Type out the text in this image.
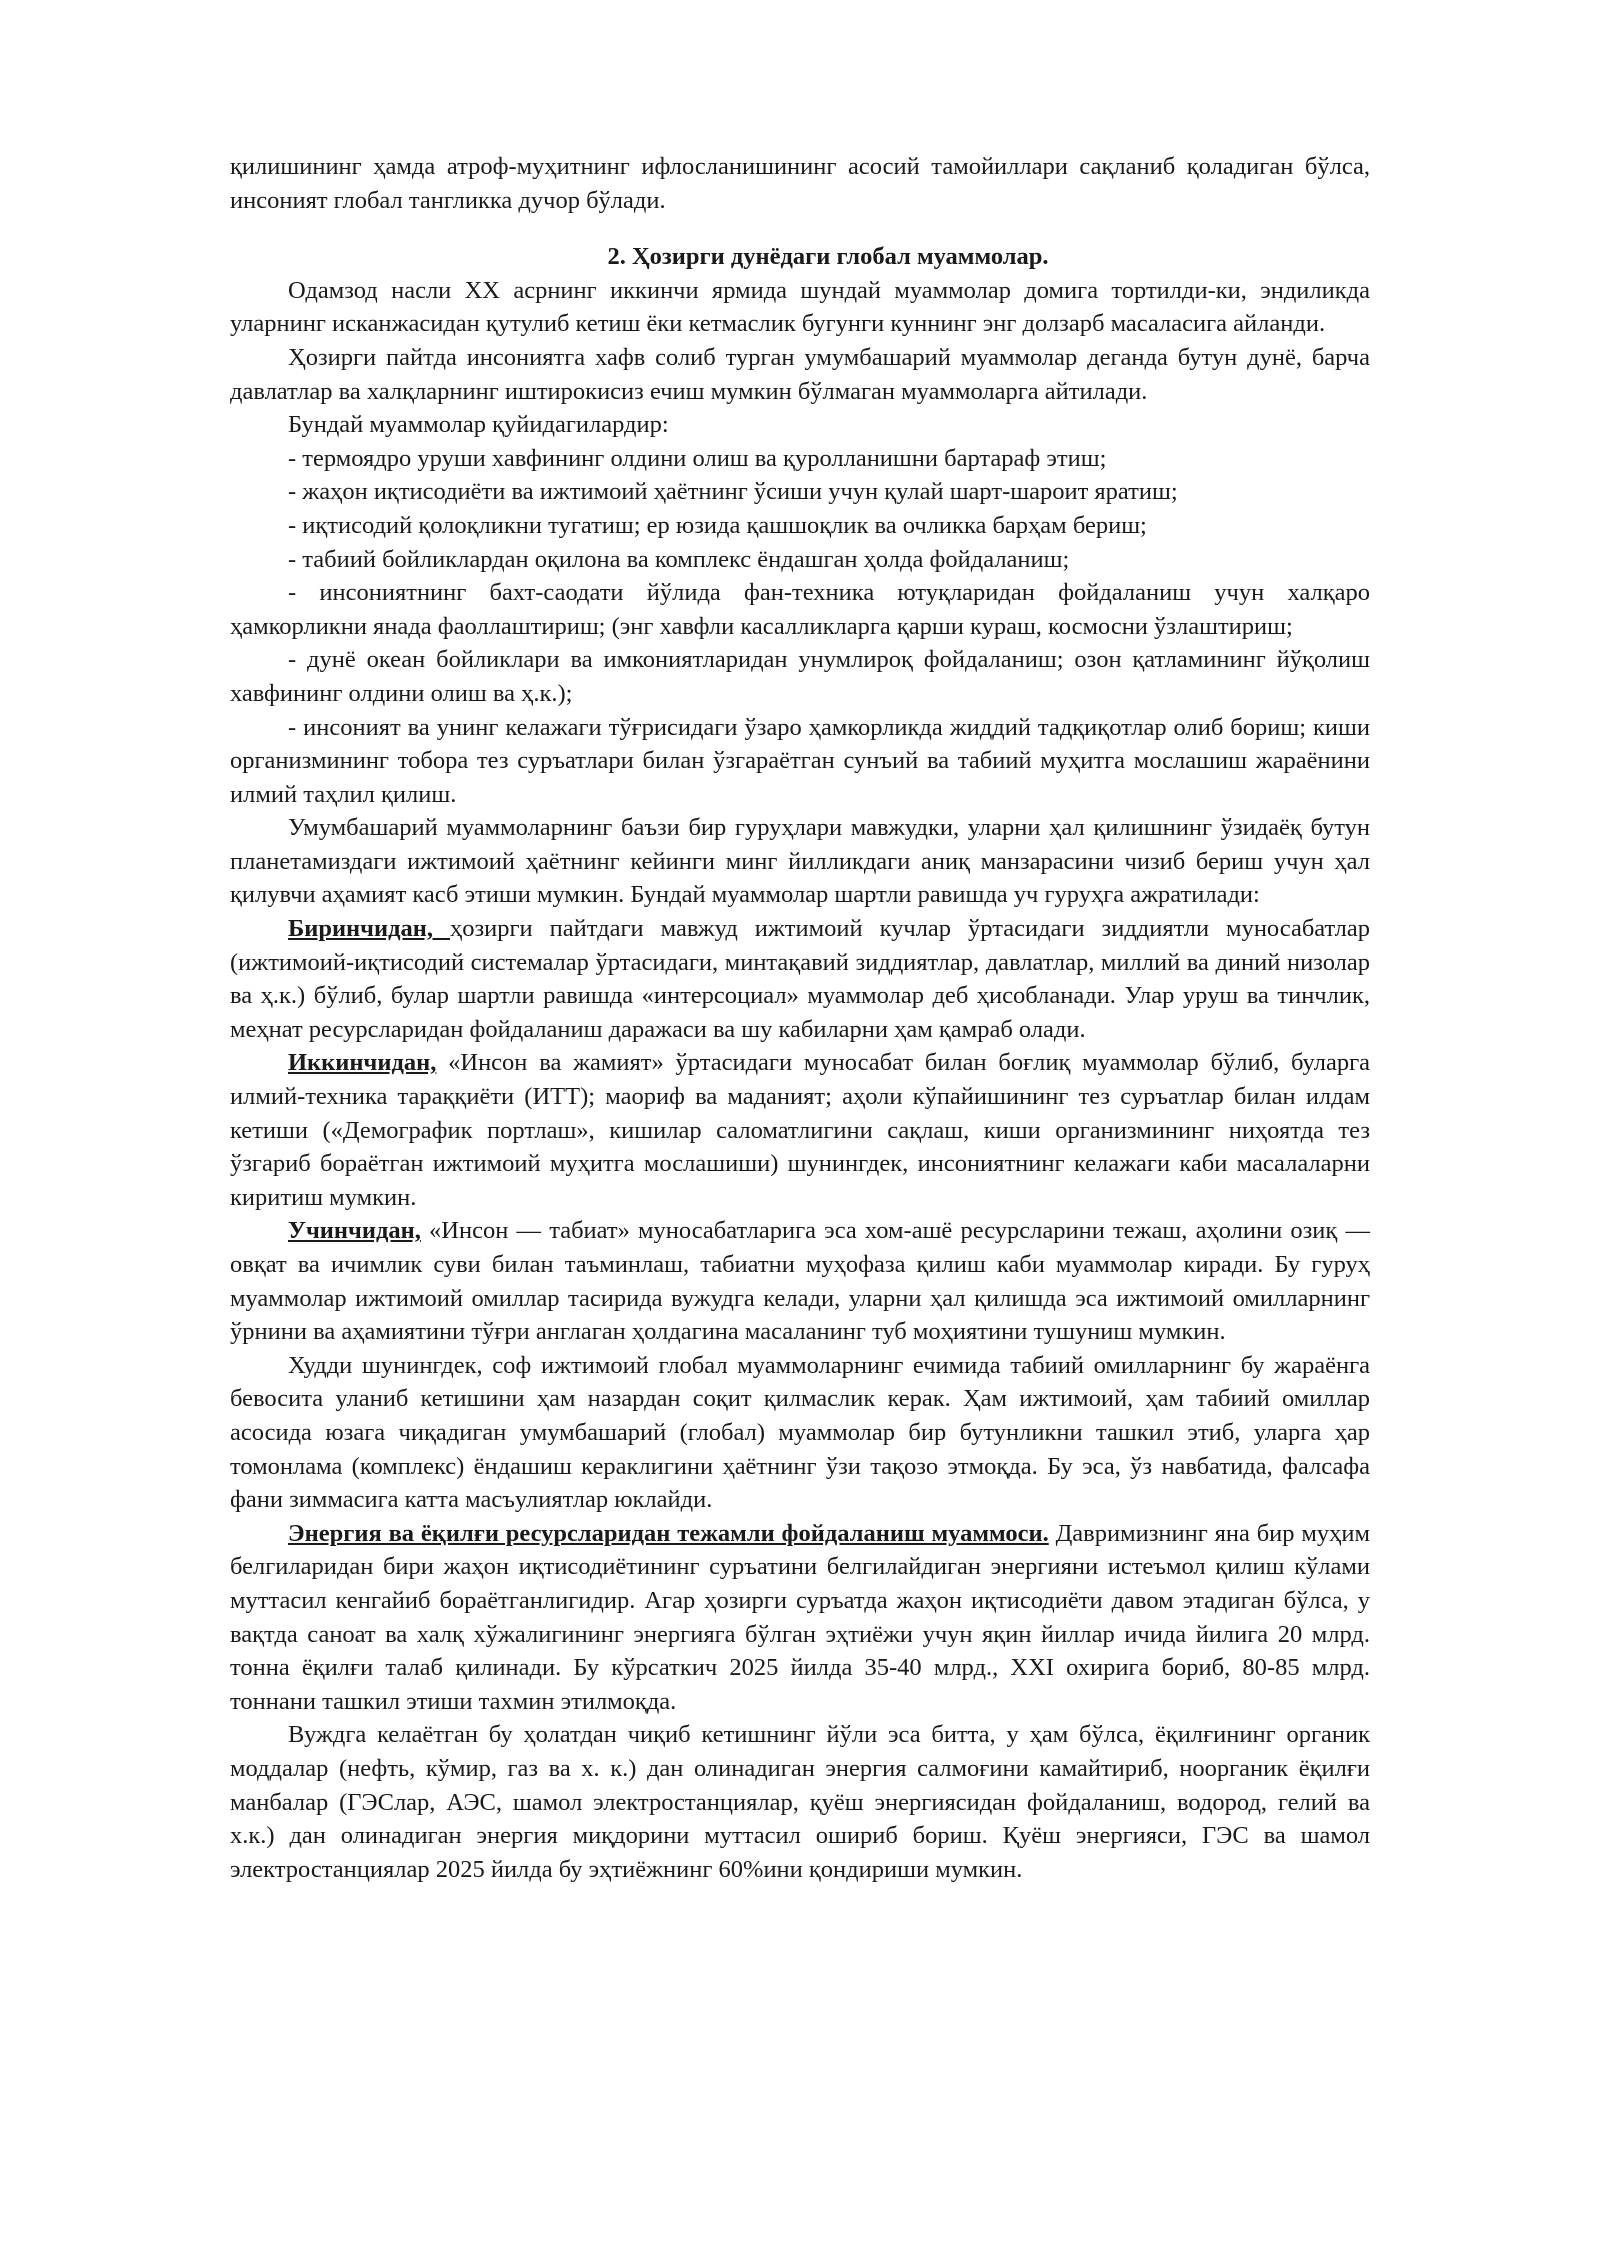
қилишининг ҳамда атроф-муҳитнинг ифлосланишининг асосий тамойиллари сақланиб қоладиган бўлса, инсоният глобал тангликка дучор бўлади.

2. Ҳозирги дунёдаги глобал муаммолар.

Одамзод насли XX асрнинг иккинчи ярмида шундай муаммолар домига тортилди-ки, эндиликда уларнинг исканжасидан қутулиб кетиш ёки кетмаслик бугунги куннинг энг долзарб масаласига айланди.

Ҳозирги пайтда инсониятга хафв солиб турган умумбашарий муаммолар деганда бутун дунё, барча давлатлар ва халқларнинг иштирокисиз ечиш мумкин бўлмаган муаммоларга айтилади.

Бундай муаммолар қуйидагилардир:

- термоядро уруши хавфининг олдини олиш ва қуролланишни бартараф этиш;

- жаҳон иқтисодиёти ва ижтимоий ҳаётнинг ўсиши учун қулай шарт-шароит яратиш;

- иқтисодий қолоқликни тугатиш; ер юзида қашшоқлик ва очликка барҳам бериш;

- табиий бойликлардан оқилона ва комплекс ёндашган ҳолда фойдаланиш;

- инсониятнинг бахт-саодати йўлида фан-техника ютуқларидан фойдаланиш учун халқаро ҳамкорликни янада фаоллаштириш; (энг хавфли касалликларга қарши кураш, космосни ўзлаштириш;

- дунё океан бойликлари ва имкониятларидан унумлироқ фойдаланиш; озон қатламининг йўқолиш хавфининг олдини олиш ва ҳ.к.);

- инсоният ва унинг келажаги тўғрисидаги ўзаро ҳамкорликда жиддий тадқиқотлар олиб бориш; киши организмининг тобора тез суръатлари билан ўзгараётган сунъий ва табиий муҳитга мослашиш жараёнини илмий таҳлил қилиш.

Умумбашарий муаммоларнинг баъзи бир гуруҳлари мавжудки, уларни ҳал қилишнинг ўзидаёқ бутун планетамиздаги ижтимоий ҳаётнинг кейинги минг йилликдаги аниқ манзарасини чизиб бериш учун ҳал қилувчи аҳамият касб этиши мумкин. Бундай муаммолар шартли равишда уч гуруҳга ажратилади:

Биринчидан, ҳозирги пайтдаги мавжуд ижтимоий кучлар ўртасидаги зиддиятли муносабатлар (ижтимоий-иқтисодий системалар ўртасидаги, минтақавий зиддиятлар, давлатлар, миллий ва диний низолар ва ҳ.к.) бўлиб, булар шартли равишда «интерсоциал» муаммолар деб ҳисобланади. Улар уруш ва тинчлик, меҳнат ресурсларидан фойдаланиш даражаси ва шу кабиларни ҳам қамраб олади.

Иккинчидан, «Инсон ва жамият» ўртасидаги муносабат билан боғлиқ муаммолар бўлиб, буларга илмий-техника тараққиёти (ИТТ); маориф ва маданият; аҳоли кўпайишининг тез суръатлар билан илдам кетиши («Демографик портлаш», кишилар саломатлигини сақлаш, киши организмининг ниҳоятда тез ўзгариб бораётган ижтимоий муҳитга мослашиши) шунингдек, инсониятнинг келажаги каби масалаларни киритиш мумкин.

Учинчидан, «Инсон — табиат» муносабатларига эса хом-ашё ресурсларини тежаш, аҳолини озиқ — овқат ва ичимлик суви билан таъминлаш, табиатни муҳофаза қилиш каби муаммолар киради. Бу гуруҳ муаммолар ижтимоий омиллар тасирида вужудга келади, уларни ҳал қилишда эса ижтимоий омилларнинг ўрнини ва аҳамиятини тўғри англаган ҳолдагина масаланинг туб моҳиятини тушуниш мумкин.

Худди шунингдек, соф ижтимоий глобал муаммоларнинг ечимида табиий омилларнинг бу жараёнга бевосита уланиб кетишини ҳам назардан соқит қилмаслик керак. Ҳам ижтимоий, ҳам табиий омиллар асосида юзага чиқадиган умумбашарий (глобал) муаммолар бир бутунликни ташкил этиб, уларга ҳар томонлама (комплекс) ёндашиш кераклигини ҳаётнинг ўзи тақозо этмоқда. Бу эса, ўз навбатида, фалсафа фани зиммасига катта масъулиятлар юклайди.

Энергия ва ёқилғи ресурсларидан тежамли фойдаланиш муаммоси. Давримизнинг яна бир муҳим белгиларидан бири жаҳон иқтисодиётининг суръатини белгилайдиган энергияни истеъмол қилиш кўлами муттасил кенгайиб бораётганлигидир. Агар ҳозирги суръатда жаҳон иқтисодиёти давом этадиган бўлса, у вақтда саноат ва халқ хўжалигининг энергияга бўлган эҳтиёжи учун яқин йиллар ичида йилига 20 млрд. тонна ёқилғи талаб қилинади. Бу кўрсаткич 2025 йилда 35-40 млрд., XXI охирига бориб, 80-85 млрд. тоннани ташкил этиши тахмин этилмоқда.

Вуждга келаётган бу ҳолатдан чиқиб кетишнинг йўли эса битта, у ҳам бўлса, ёқилғининг органик моддалар (нефть, кўмир, газ ва х. к.) дан олинадиган энергия салмоғини камайтириб, ноорганик ёқилғи манбалар (ГЭСлар, АЭС, шамол электростанциялар, қуёш энергиясидан фойдаланиш, водород, гелий ва х.к.) дан олинадиган энергия миқдорини муттасил ошириб бориш. Қуёш энергияси, ГЭС ва шамол электростанциялар 2025 йилда бу эҳтиёжнинг 60%ини қондириши мумкин.
